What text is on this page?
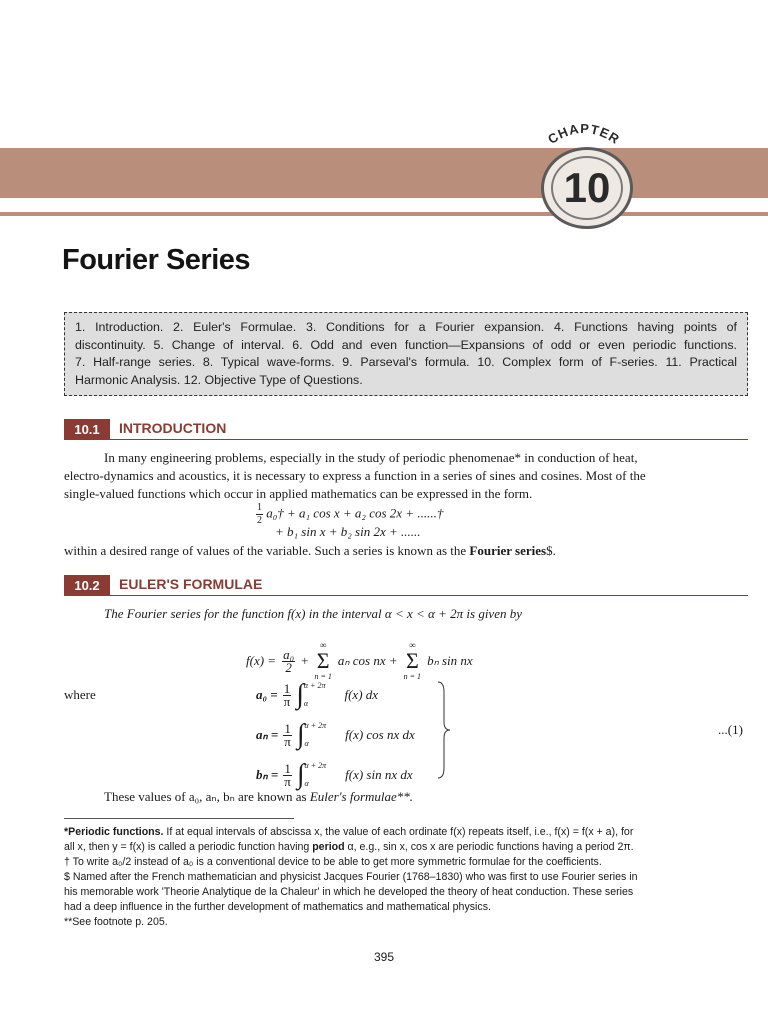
CHAPTER
10
Fourier Series
1. Introduction. 2. Euler's Formulae. 3. Conditions for a Fourier expansion. 4. Functions having points of
discontinuity. 5. Change of interval. 6. Odd and even function—Expansions of odd or even periodic functions.
7. Half-range series. 8. Typical wave-forms. 9. Parseval's formula. 10. Complex form of F-series. 11. Practical
Harmonic Analysis. 12. Objective Type of Questions.
10.1	INTRODUCTION
In many engineering problems, especially in the study of periodic phenomenae* in conduction of heat,
electro-dynamics and acoustics, it is necessary to express a function in a series of sines and cosines. Most of the
single-valued functions which occur in applied mathematics can be expressed in the form.
$\frac{1}{2}$ a₀† + a₁ cos x + a₂ cos 2x + ......†
+ b₁ sin x + b₂ sin 2x + ......
within a desired range of values of the variable. Such a series is known as the Fourier series$.
10.2	EULER'S FORMULAE
The Fourier series for the function f(x) in the interval α < x < α + 2π is given by
$f(x) = \frac{\text{a₀}}{2}$ +
∞
Σ
n = 1
aₙ cos nx +
∞
Σ
n = 1
bₙ sin nx
where	$a_0 = \frac{1}{\pi}$ ∫ α + 2π
α
f(x) dx
$a_n = \frac{1}{\pi}$ ∫ α + 2π
α
f(x) cos nx dx
$b_n = \frac{1}{\pi}$ ∫ α + 2π
α
f(x) sin nx dx
...(1)
These values of a₀, aₙ, bₙ are known as Euler's formulae**.
*Periodic functions. If at equal intervals of abscissa x, the value of each ordinate f(x) repeats itself, i.e., f(x) = f(x + a), for
all x, then y = f(x) is called a periodic function having period α, e.g., sin x, cos x are periodic functions having a period 2π.
† To write a₀/2 instead of a₀ is a conventional device to be able to get more symmetric formulae for the coefficients.
$ Named after the French mathematician and physicist Jacques Fourier (1768–1830) who was first to use Fourier series in
his memorable work 'Theorie Analytique de la Chaleur' in which he developed the theory of heat conduction. These series
had a deep influence in the further development of mathematics and mathematical physics.
**See footnote p. 205.
395
